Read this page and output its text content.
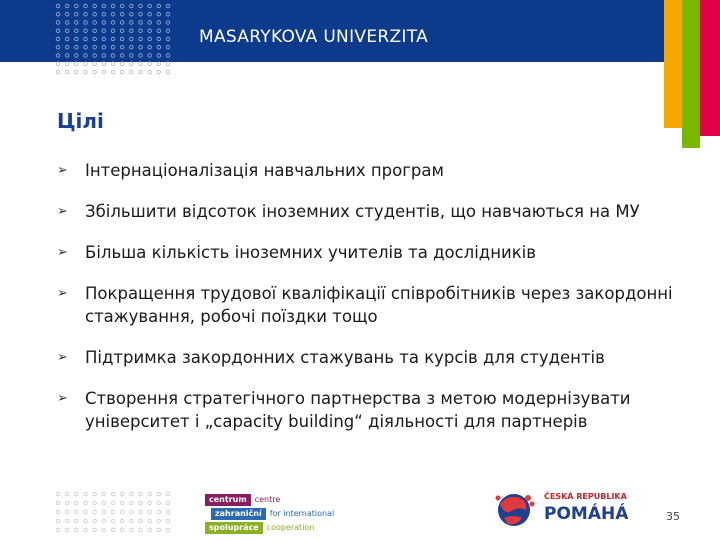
MASARYKOVA UNIVERZITA
Цілі
➢ Інтернаціоналізація навчальних програм
➢ Збільшити відсоток іноземних студентів, що навчаються на МУ
➢ Більша кількість іноземних учителів та дослідників
➢ Покращення трудової кваліфікації співробітників через закордонні стажування, робочі поїздки тощо
➢ Підтримка закордонних стажувань та курсів для студентів
➢ Створення стратегічного партнерства з метою модернізувати університет і „capacity building“ діяльності для партнерів
centrum centre
zahraniční for international
spolupráce cooperation
ČESKÁ REPUBLIKA
POMÁHÁ	35
